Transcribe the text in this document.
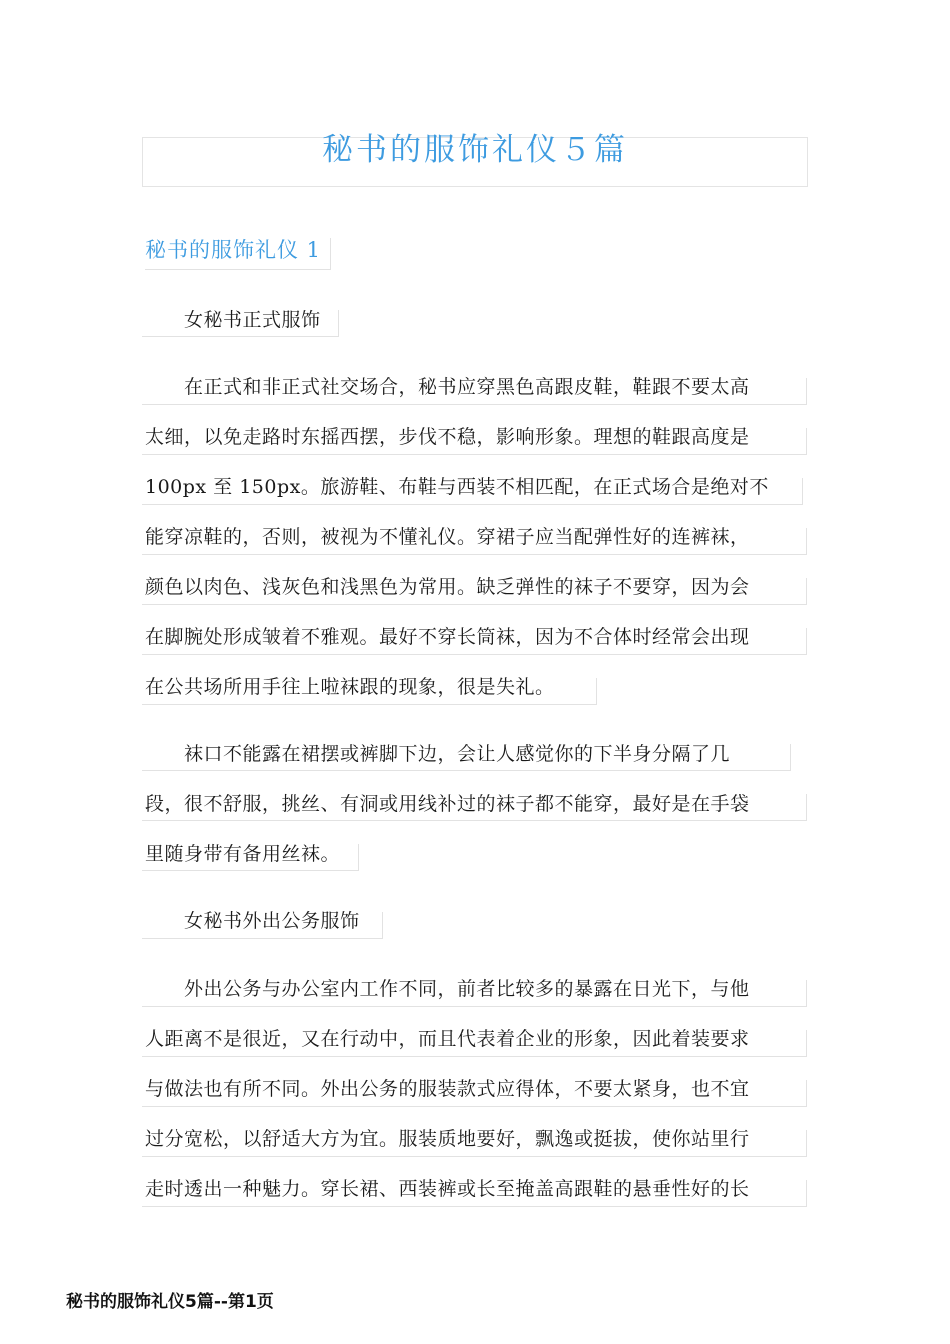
秘书的服饰礼仪５篇
秘书的服饰礼仪 1
　　女秘书正式服饰
　　在正式和非正式社交场合，秘书应穿黑色高跟皮鞋，鞋跟不要太高
太细，以免走路时东摇西摆，步伐不稳，影响形象。理想的鞋跟高度是
100px 至 150px。旅游鞋、布鞋与西装不相匹配，在正式场合是绝对不
能穿凉鞋的，否则，被视为不懂礼仪。穿裙子应当配弹性好的连裤袜，
颜色以肉色、浅灰色和浅黑色为常用。缺乏弹性的袜子不要穿，因为会
在脚腕处形成皱着不雅观。最好不穿长筒袜，因为不合体时经常会出现
在公共场所用手往上啦袜跟的现象，很是失礼。
　　袜口不能露在裙摆或裤脚下边，会让人感觉你的下半身分隔了几
段，很不舒服，挑丝、有洞或用线补过的袜子都不能穿，最好是在手袋
里随身带有备用丝袜。
　　女秘书外出公务服饰
　　外出公务与办公室内工作不同，前者比较多的暴露在日光下，与他
人距离不是很近，又在行动中，而且代表着企业的形象，因此着装要求
与做法也有所不同。外出公务的服装款式应得体，不要太紧身，也不宜
过分宽松，以舒适大方为宜。服装质地要好，飘逸或挺拔，使你站里行
走时透出一种魅力。穿长裙、西装裤或长至掩盖高跟鞋的悬垂性好的长
秘书的服饰礼仪5篇--第1页
